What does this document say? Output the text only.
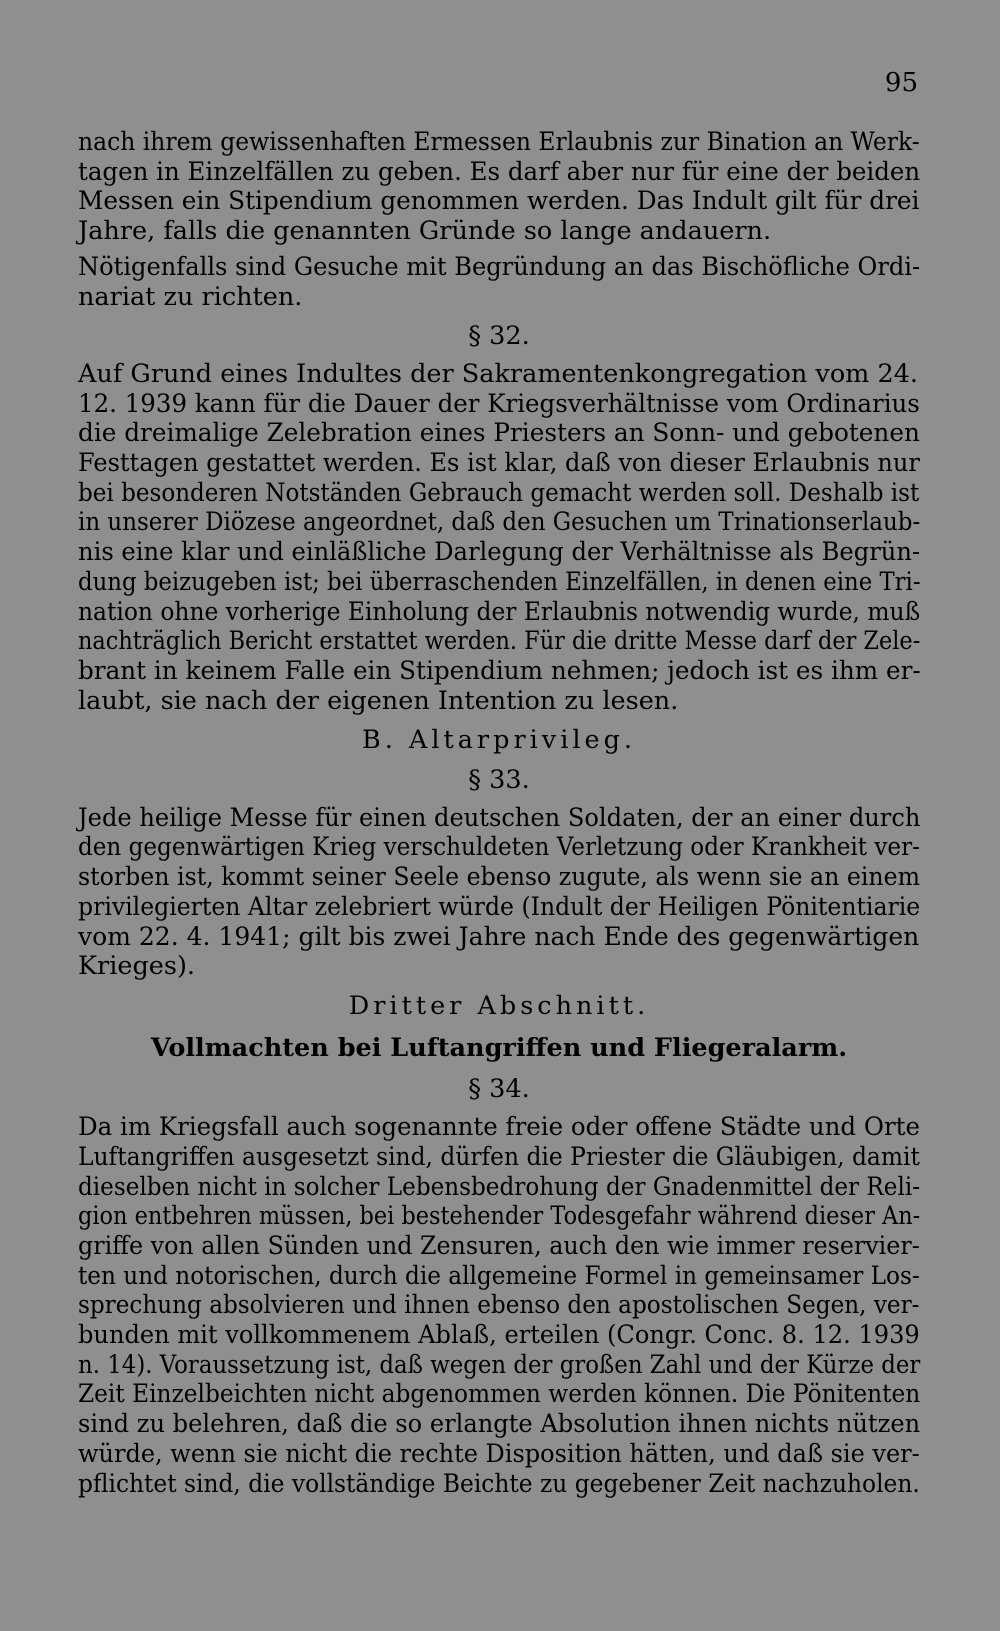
95

nach ihrem gewissenhaften Ermessen Erlaubnis zur Bination an Werk-
tagen in Einzelfällen zu geben. Es darf aber nur für eine der beiden
Messen ein Stipendium genommen werden. Das Indult gilt für drei
Jahre, falls die genannten Gründe so lange andauern.

Nötigenfalls sind Gesuche mit Begründung an das Bischöfliche Ordi-
nariat zu richten.

§ 32.

Auf Grund eines Indultes der Sakramentenkongregation vom 24.
12. 1939 kann für die Dauer der Kriegsverhältnisse vom Ordinarius
die dreimalige Zelebration eines Priesters an Sonn- und gebotenen
Festtagen gestattet werden. Es ist klar, daß von dieser Erlaubnis nur
bei besonderen Notständen Gebrauch gemacht werden soll. Deshalb ist
in unserer Diözese angeordnet, daß den Gesuchen um Trinationserlaub-
nis eine klar und einläßliche Darlegung der Verhältnisse als Begrün-
dung beizugeben ist; bei überraschenden Einzelfällen, in denen eine Tri-
nation ohne vorherige Einholung der Erlaubnis notwendig wurde, muß
nachträglich Bericht erstattet werden. Für die dritte Messe darf der Zele-
brant in keinem Falle ein Stipendium nehmen; jedoch ist es ihm er-
laubt, sie nach der eigenen Intention zu lesen.

B. Altarprivileg.
§ 33.

Jede heilige Messe für einen deutschen Soldaten, der an einer durch
den gegenwärtigen Krieg verschuldeten Verletzung oder Krankheit ver-
storben ist, kommt seiner Seele ebenso zugute, als wenn sie an einem
privilegierten Altar zelebriert würde (Indult der Heiligen Pönitentiarie
vom 22. 4. 1941; gilt bis zwei Jahre nach Ende des gegenwärtigen
Krieges).

Dritter Abschnitt.
Vollmachten bei Luftangriffen und Fliegeralarm.
§ 34.

Da im Kriegsfall auch sogenannte freie oder offene Städte und Orte
Luftangriffen ausgesetzt sind, dürfen die Priester die Gläubigen, damit
dieselben nicht in solcher Lebensbedrohung der Gnadenmittel der Reli-
gion entbehren müssen, bei bestehender Todesgefahr während dieser An-
griffe von allen Sünden und Zensuren, auch den wie immer reservier-
ten und notorischen, durch die allgemeine Formel in gemeinsamer Los-
sprechung absolvieren und ihnen ebenso den apostolischen Segen, ver-
bunden mit vollkommenem Ablaß, erteilen (Congr. Conc. 8. 12. 1939
n. 14). Voraussetzung ist, daß wegen der großen Zahl und der Kürze der
Zeit Einzelbeichten nicht abgenommen werden können. Die Pönitenten
sind zu belehren, daß die so erlangte Absolution ihnen nichts nützen
würde, wenn sie nicht die rechte Disposition hätten, und daß sie ver-
pflichtet sind, die vollständige Beichte zu gegebener Zeit nachzuholen.
